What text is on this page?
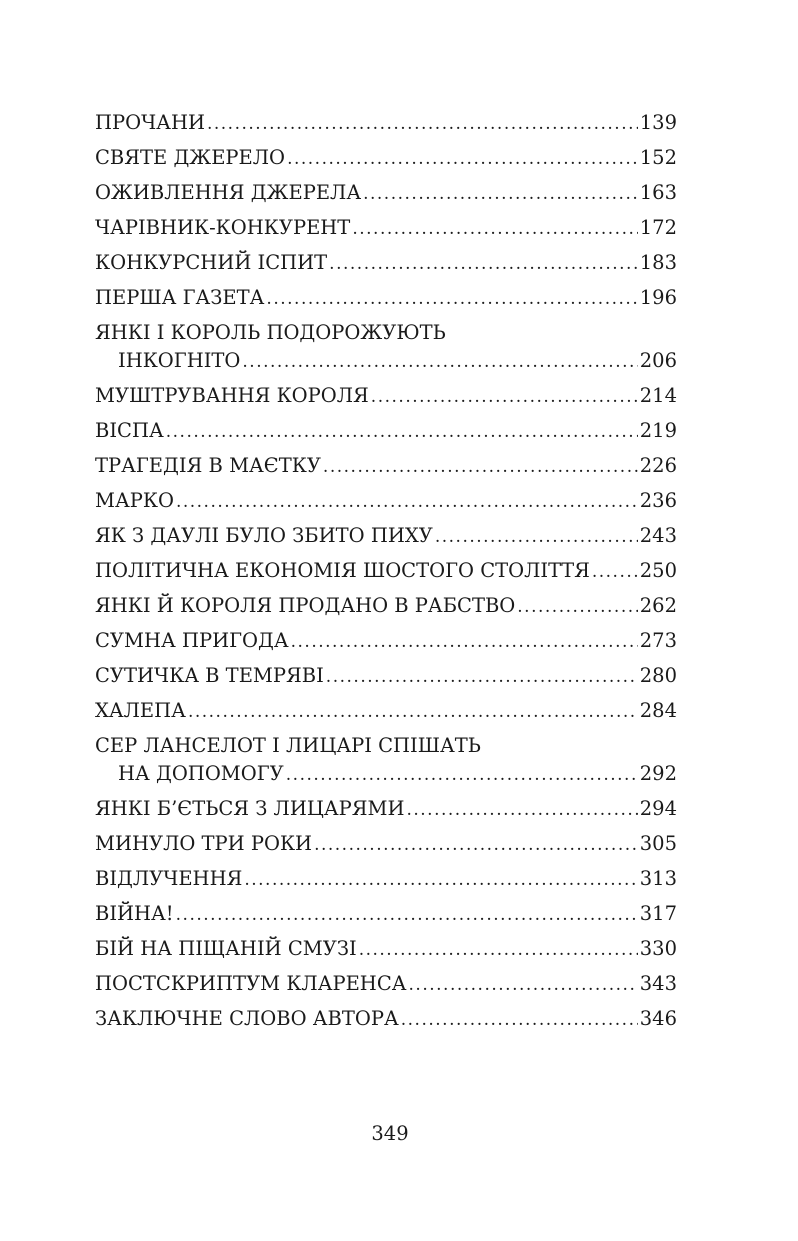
ПРОЧАНИ .....	139
СВЯТЕ ДЖЕРЕЛО .....	152
ОЖИВЛЕННЯ ДЖЕРЕЛА .....	163
ЧАРІВНИК-КОНКУРЕНТ .....	172
КОНКУРСНИЙ ІСПИТ .....	183
ПЕРША ГАЗЕТА .....	196
ЯНКІ І КОРОЛЬ ПОДОРОЖУЮТЬ
ІНКОГНІТО .....	206
МУШТРУВАННЯ КОРОЛЯ .....	214
ВІСПА .....	219
ТРАГЕДІЯ В МАЄТКУ .....	226
МАРКО .....	236
ЯК З ДАУЛІ БУЛО ЗБИТО ПИХУ .....	243
ПОЛІТИЧНА ЕКОНОМІЯ ШОСТОГО СТОЛІТТЯ .....	250
ЯНКІ Й КОРОЛЯ ПРОДАНО В РАБСТВО .....	262
СУМНА ПРИГОДА .....	273
СУТИЧКА В ТЕМРЯВІ .....	280
ХАЛЕПА .....	284
СЕР ЛАНСЕЛОТ І ЛИЦАРІ СПІШАТЬ
НА ДОПОМОГУ .....	292
ЯНКІ Б’ЄТЬСЯ З ЛИЦАРЯМИ .....	294
МИНУЛО ТРИ РОКИ .....	305
ВІДЛУЧЕННЯ .....	313
ВІЙНА! .....	317
БІЙ НА ПІЩАНІЙ СМУЗІ .....	330
ПОСТСКРИПТУМ КЛАРЕНСА .....	343
ЗАКЛЮЧНЕ СЛОВО АВТОРА .....	346
349
